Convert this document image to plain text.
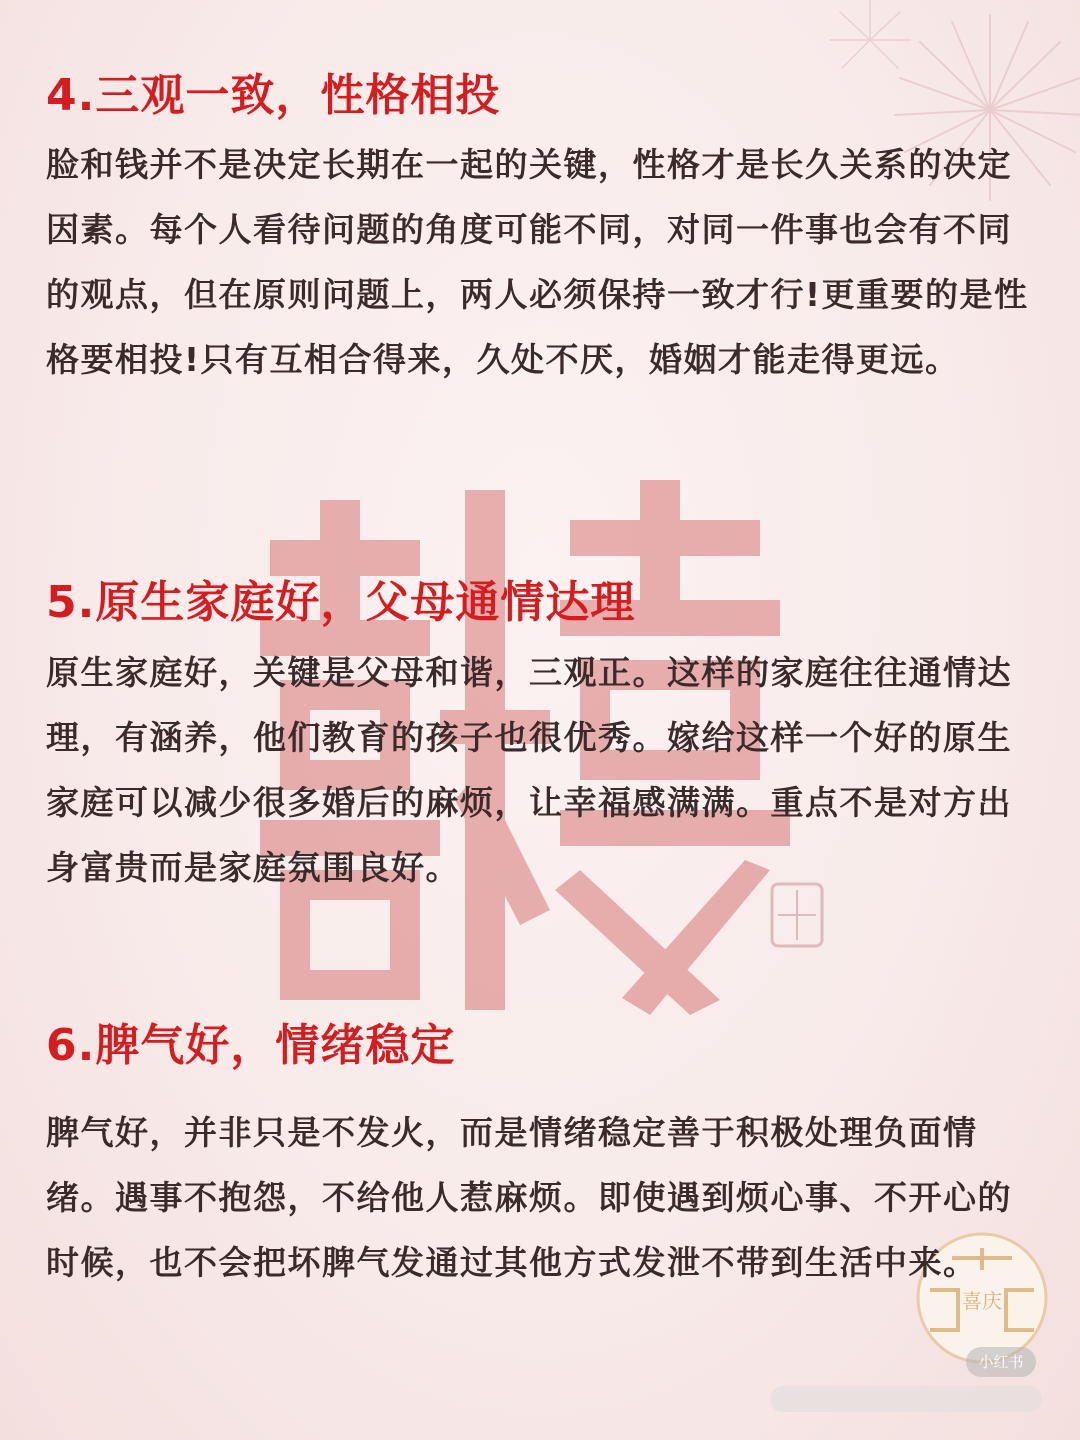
喜庆
小红书
4.三观一致，性格相投

脸和钱并不是决定长期在一起的关键，性格才是长久关系的决定因素。每个人看待问题的角度可能不同，对同一件事也会有不同的观点，但在原则问题上，两人必须保持一致才行!更重要的是性格要相投!只有互相合得来，久处不厌，婚姻才能走得更远。

5.原生家庭好，父母通情达理

原生家庭好，关键是父母和谐，三观正。这样的家庭往往通情达理，有涵养，他们教育的孩子也很优秀。嫁给这样一个好的原生家庭可以减少很多婚后的麻烦，让幸福感满满。重点不是对方出身富贵而是家庭氛围良好。

6.脾气好，情绪稳定

脾气好，并非只是不发火，而是情绪稳定善于积极处理负面情绪。遇事不抱怨，不给他人惹麻烦。即使遇到烦心事、不开心的时候，也不会把坏脾气发通过其他方式发泄不带到生活中来。
